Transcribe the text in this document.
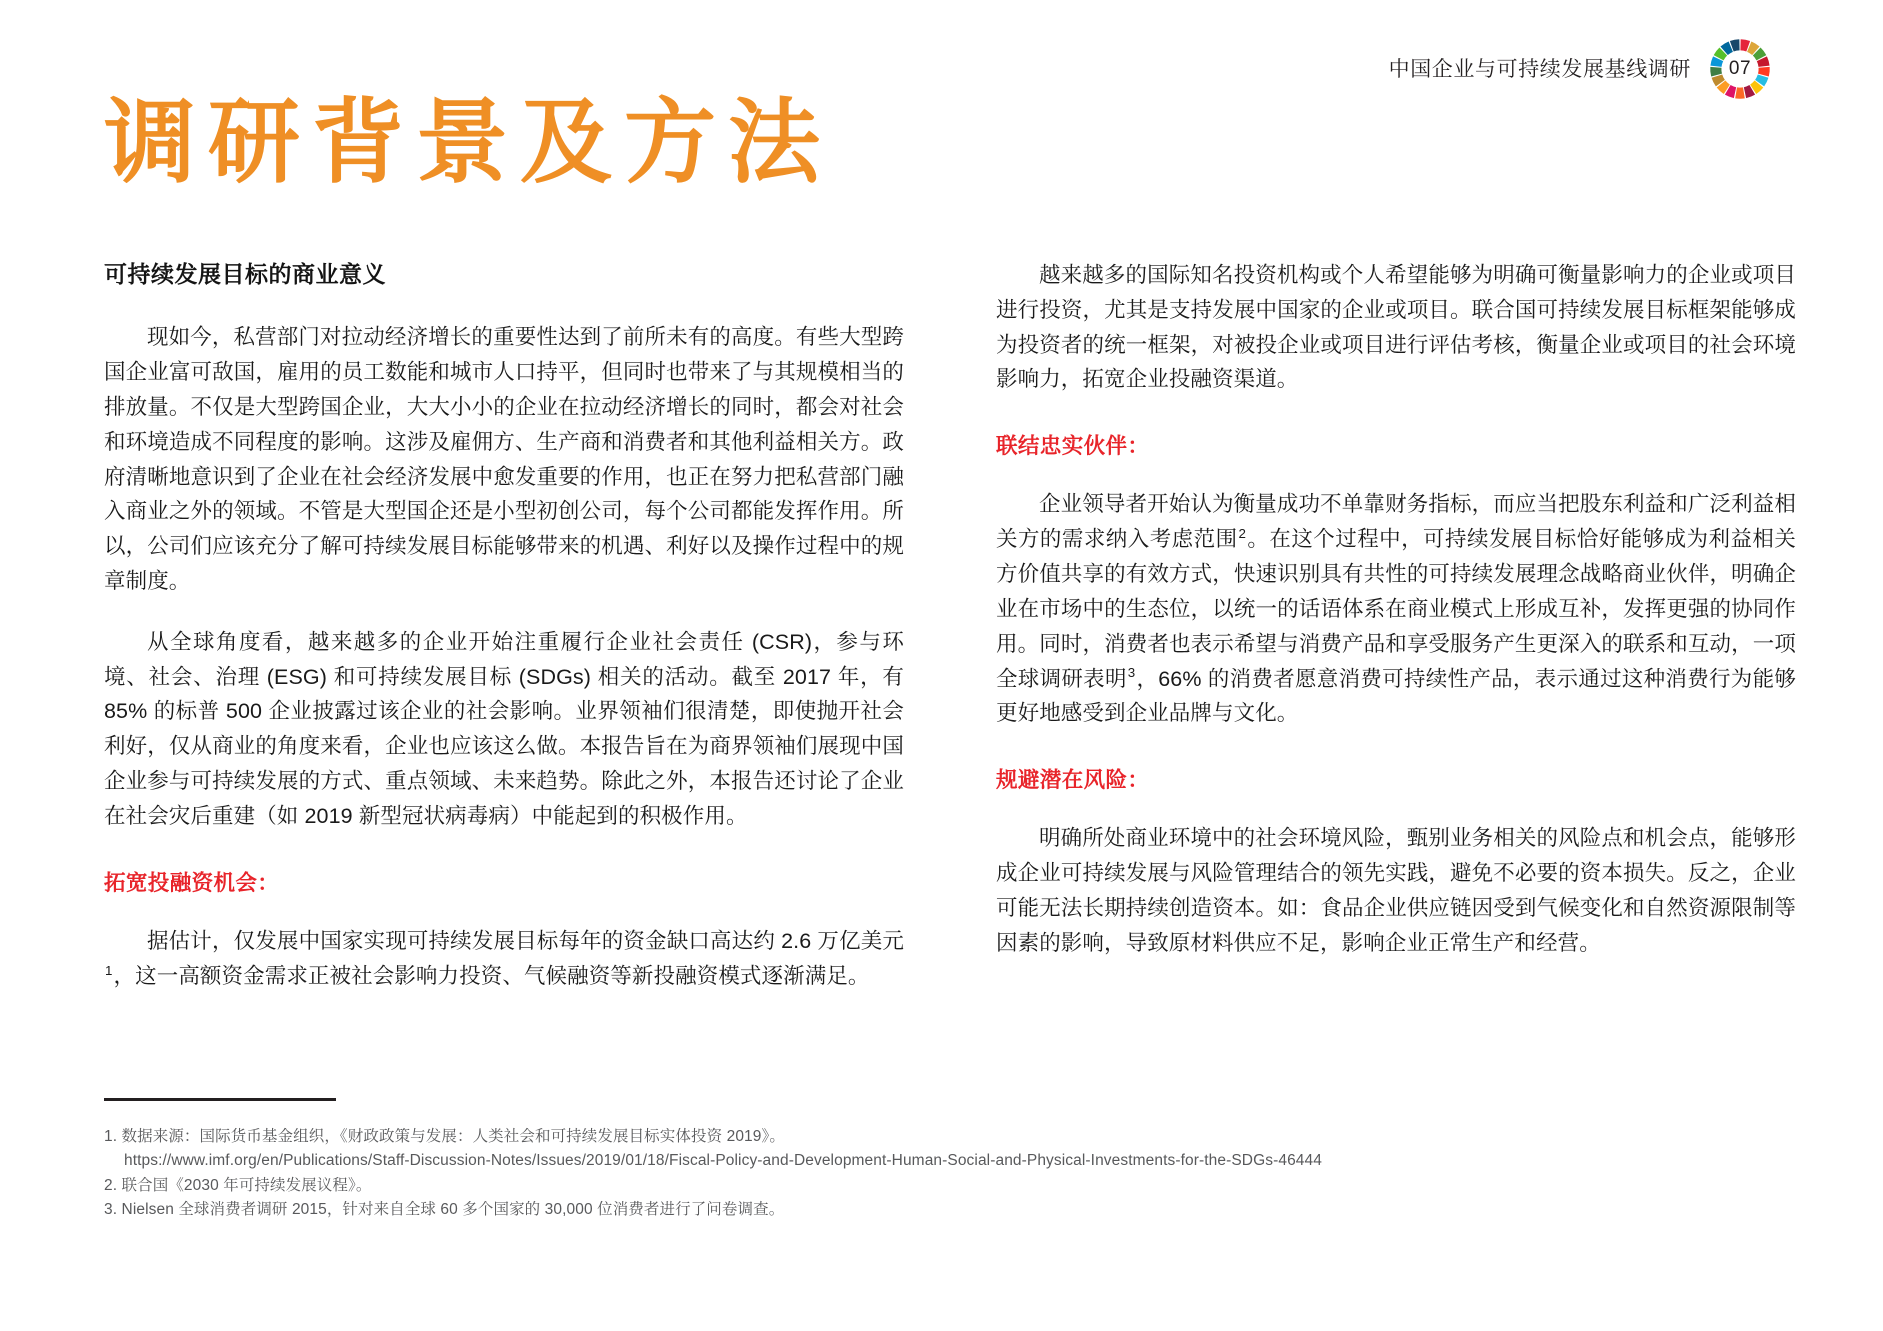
中国企业与可持续发展基线调研	07
调研背景及方法
可持续发展目标的商业意义

现如今，私营部门对拉动经济增长的重要性达到了前所未有的高度。有些大型跨国企业富可敌国，雇用的员工数能和城市人口持平，但同时也带来了与其规模相当的排放量。不仅是大型跨国企业，大大小小的企业在拉动经济增长的同时，都会对社会和环境造成不同程度的影响。这涉及雇佣方、生产商和消费者和其他利益相关方。政府清晰地意识到了企业在社会经济发展中愈发重要的作用，也正在努力把私营部门融入商业之外的领域。不管是大型国企还是小型初创公司，每个公司都能发挥作用。所以，公司们应该充分了解可持续发展目标能够带来的机遇、利好以及操作过程中的规章制度。

从全球角度看，越来越多的企业开始注重履行企业社会责任 (CSR)，参与环境、社会、治理 (ESG) 和可持续发展目标 (SDGs) 相关的活动。截至 2017 年，有 85% 的标普 500 企业披露过该企业的社会影响。业界领袖们很清楚，即使抛开社会利好，仅从商业的角度来看，企业也应该这么做。本报告旨在为商界领袖们展现中国企业参与可持续发展的方式、重点领域、未来趋势。除此之外，本报告还讨论了企业在社会灾后重建（如 2019 新型冠状病毒病）中能起到的积极作用。

拓宽投融资机会：

据估计，仅发展中国家实现可持续发展目标每年的资金缺口高达约 2.6 万亿美元$^1$，这一高额资金需求正被社会影响力投资、气候融资等新投融资模式逐渐满足。

越来越多的国际知名投资机构或个人希望能够为明确可衡量影响力的企业或项目进行投资，尤其是支持发展中国家的企业或项目。联合国可持续发展目标框架能够成为投资者的统一框架，对被投企业或项目进行评估考核，衡量企业或项目的社会环境影响力，拓宽企业投融资渠道。

联结忠实伙伴：

企业领导者开始认为衡量成功不单靠财务指标，而应当把股东利益和广泛利益相关方的需求纳入考虑范围$^2$。在这个过程中，可持续发展目标恰好能够成为利益相关方价值共享的有效方式，快速识别具有共性的可持续发展理念战略商业伙伴，明确企业在市场中的生态位，以统一的话语体系在商业模式上形成互补，发挥更强的协同作用。同时，消费者也表示希望与消费产品和享受服务产生更深入的联系和互动，一项全球调研表明$^3$，66% 的消费者愿意消费可持续性产品，表示通过这种消费行为能够更好地感受到企业品牌与文化。

规避潜在风险：

明确所处商业环境中的社会环境风险，甄别业务相关的风险点和机会点，能够形成企业可持续发展与风险管理结合的领先实践，避免不必要的资本损失。反之，企业可能无法长期持续创造资本。如：食品企业供应链因受到气候变化和自然资源限制等因素的影响，导致原材料供应不足，影响企业正常生产和经营。

1. 数据来源：国际货币基金组织，《财政政策与发展：人类社会和可持续发展目标实体投资 2019》。
https://www.imf.org/en/Publications/Staff-Discussion-Notes/Issues/2019/01/18/Fiscal-Policy-and-Development-Human-Social-and-Physical-Investments-for-the-SDGs-46444
2. 联合国《2030 年可持续发展议程》。
3. Nielsen 全球消费者调研 2015，针对来自全球 60 多个国家的 30,000 位消费者进行了问卷调查。
